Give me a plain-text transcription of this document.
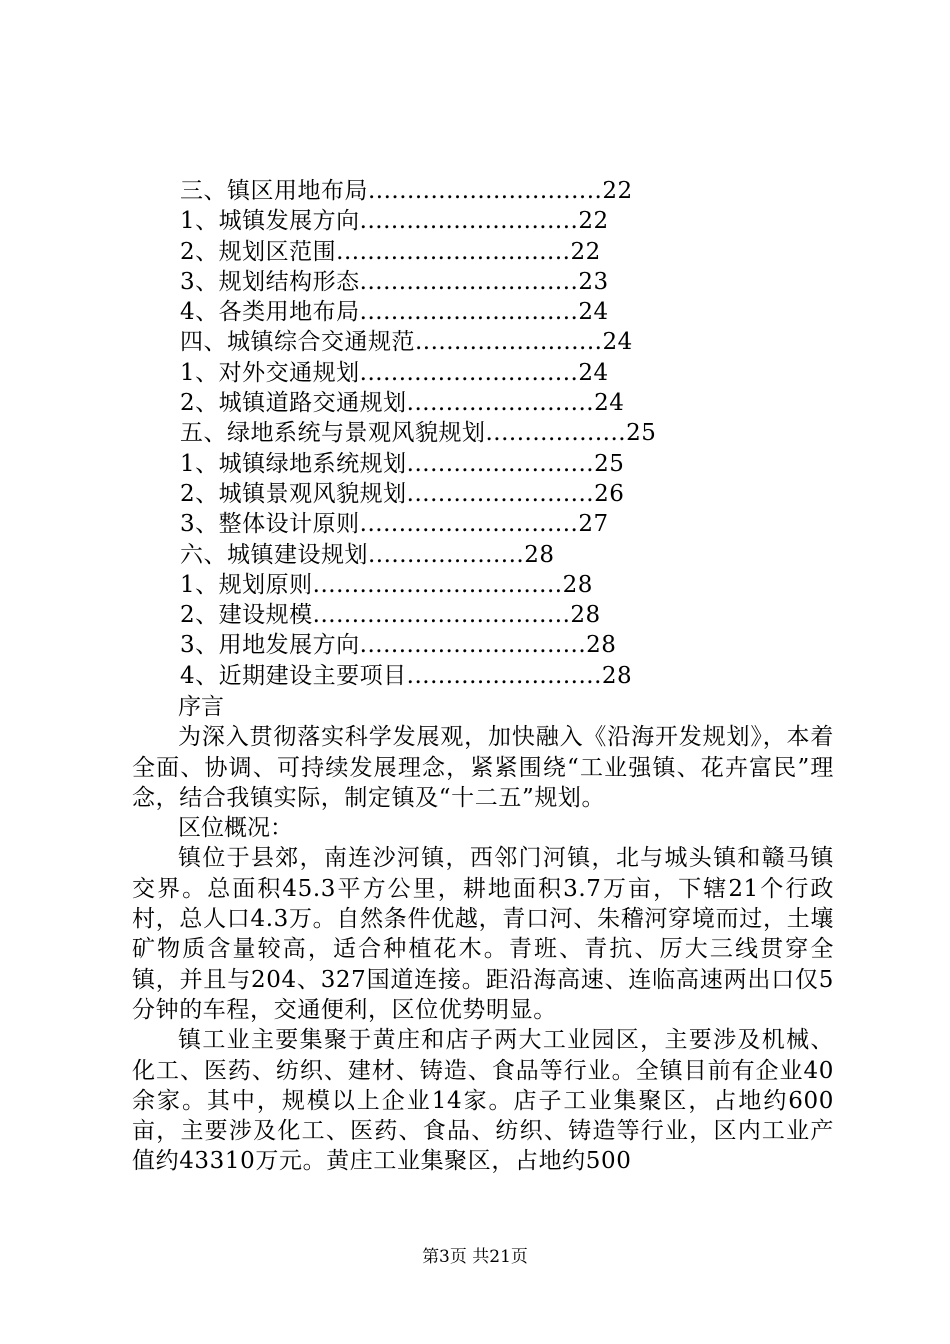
三、镇区用地布局..............................22
1、城镇发展方向............................22
2、规划区范围..............................22
3、规划结构形态............................23
4、各类用地布局............................24
四、城镇综合交通规范........................24
1、对外交通规划............................24
2、城镇道路交通规划........................24
五、绿地系统与景观风貌规划..................25
1、城镇绿地系统规划........................25
2、城镇景观风貌规划........................26
3、整体设计原则............................27
六、城镇建设规划....................28
1、规划原则................................28
2、建设规模.................................28
3、用地发展方向.............................28
4、近期建设主要项目.........................28

序言

为深入贯彻落实科学发展观，加快融入《沿海开发规划》，本着全面、协调、可持续发展理念，紧紧围绕“工业强镇、花卉富民”理念，结合我镇实际，制定镇及“十二五”规划。

区位概况：

镇位于县郊，南连沙河镇，西邻门河镇，北与城头镇和赣马镇交界。总面积45.3平方公里，耕地面积3.7万亩，下辖21个行政村，总人口4.3万。自然条件优越，青口河、朱稽河穿境而过，土壤矿物质含量较高，适合种植花木。青班、青抗、厉大三线贯穿全镇，并且与204、327国道连接。距沿海高速、连临高速两出口仅5分钟的车程，交通便利，区位优势明显。

镇工业主要集聚于黄庄和店子两大工业园区，主要涉及机械、化工、医药、纺织、建材、铸造、食品等行业。全镇目前有企业40余家。其中，规模以上企业14家。店子工业集聚区，占地约600亩，主要涉及化工、医药、食品、纺织、铸造等行业，区内工业产值约43310万元。黄庄工业集聚区，占地约500

第3页 共21页
